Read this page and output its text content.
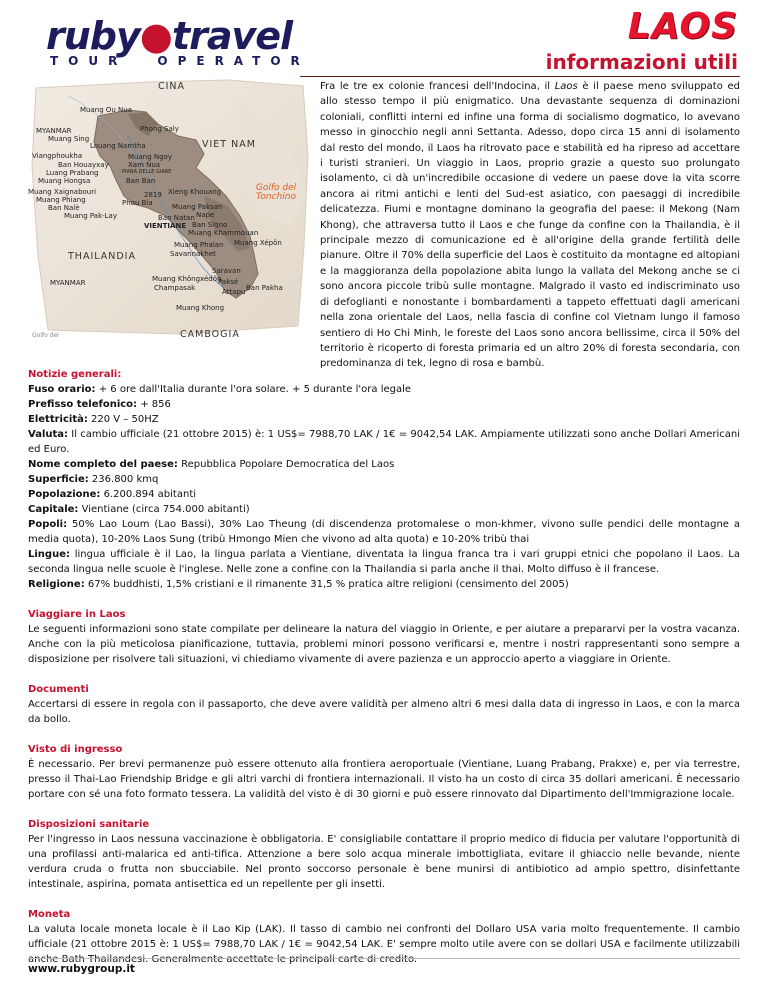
ruby●travel
TOUR	OPERATOR
LAOS
informazioni utili
CINA
Muang Ou Nua
MYANMAR
Muang Sing
Phong Saly
Louang Namtha	VIET NAM
Viangphoukha	Muang Ngoy
Ban Houayxay	Xam Nua
Luang Prabang	PIANA DELLE GIARE
Muang Hongsa	Ban Ban
Muang Xaignabouri
Muang Phiang
2819 Xieng Khouang	Golfo del Tonchino
Ban Nalè
Phou Bia	Muang Paksan
Muang Pak-Lay	Ban Natan Nape
VIENTIANE Ban Signo
Muang Khammouan
Muang Phalan Muang Xépôn
THAILANDIA	Savannakhet
Saravan
MYANMAR	Muang Khôngxédôn
Paksé
Champasak	Ban Pakha
Attapu
Muang Khong
CAMBOGIA
Golfo del
Fra le tre ex colonie francesi dell'Indocina, il Laos è il paese meno sviluppato ed allo stesso tempo il più enigmatico. Una devastante sequenza di dominazioni coloniali, conflitti interni ed infine una forma di socialismo dogmatico, lo avevano messo in ginocchio negli anni Settanta. Adesso, dopo circa 15 anni di isolamento dal resto del mondo, il Laos ha ritrovato pace e stabilità ed ha ripreso ad accettare i turisti stranieri. Un viaggio in Laos, proprio grazie a questo suo prolungato isolamento, ci dà un'incredibile occasione di vedere un paese dove la vita scorre ancora ai ritmi antichi e lenti del Sud-est asiatico, con paesaggi di incredibile delicatezza. Fiumi e montagne dominano la geografia del paese: il Mekong (Nam Khong), che attraversa tutto il Laos e che funge da confine con la Thailandia, è il principale mezzo di comunicazione ed è all'origine della grande fertilità delle pianure. Oltre il 70% della superficie del Laos è costituito da montagne ed altopiani e la maggioranza della popolazione abita lungo la vallata del Mekong anche se ci sono ancora piccole tribù sulle montagne. Malgrado il vasto ed indiscriminato uso di defoglianti e nonostante i bombardamenti a tappeto effettuati dagli americani nella zona orientale del Laos, nella fascia di confine col Vietnam lungo il famoso sentiero di Ho Chi Minh, le foreste del Laos sono ancora bellissime, circa il 50% del territorio è ricoperto di foresta primaria ed un altro 20% di foresta secondaria, con predominanza di tek, legno di rosa e bambù.
Notizie generali:
Fuso orario: + 6 ore dall'Italia durante l'ora solare. + 5 durante l'ora legale
Prefisso telefonico: + 856
Elettricità: 220 V – 50HZ
Valuta: Il cambio ufficiale (21 ottobre 2015) è: 1 US$= 7988,70 LAK / 1€ = 9042,54 LAK. Ampiamente utilizzati sono anche Dollari Americani ed Euro.
Nome completo del paese: Repubblica Popolare Democratica del Laos
Superficie: 236.800 kmq
Popolazione: 6.200.894 abitanti
Capitale: Vientiane (circa 754.000 abitanti)
Popoli: 50% Lao Loum (Lao Bassi), 30% Lao Theung (di discendenza protomalese o mon-khmer, vivono sulle pendici delle montagne a media quota), 10-20% Laos Sung (tribù Hmongo Mien che vivono ad alta quota) e 10-20% tribù thai
Lingue: lingua ufficiale è il Lao, la lingua parlata a Vientiane, diventata la lingua franca tra i vari gruppi etnici che popolano il Laos. La seconda lingua nelle scuole è l'inglese. Nelle zone a confine con la Thailandia si parla anche il thai. Molto diffuso è il francese.
Religione: 67% buddhisti, 1,5% cristiani e il rimanente 31,5 % pratica altre religioni (censimento del 2005)
Viaggiare in Laos
Le seguenti informazioni sono state compilate per delineare la natura del viaggio in Oriente, e per aiutare a prepararvi per la vostra vacanza. Anche con la più meticolosa pianificazione, tuttavia, problemi minori possono verificarsi e, mentre i nostri rappresentanti sono sempre a disposizione per risolvere tali situazioni, vi chiediamo vivamente di avere pazienza e un approccio aperto a viaggiare in Oriente.
Documenti
Accertarsi di essere in regola con il passaporto, che deve avere validità per almeno altri 6 mesi dalla data di ingresso in Laos, e con la marca da bollo.
Visto di ingresso
È necessario. Per brevi permanenze può essere ottenuto alla frontiera aeroportuale (Vientiane, Luang Prabang, Prakxe) e, per via terrestre, presso il Thai-Lao Friendship Bridge e gli altri varchi di frontiera internazionali. Il visto ha un costo di circa 35 dollari americani. È necessario portare con sé una foto formato tessera. La validità del visto è di 30 giorni e può essere rinnovato dal Dipartimento dell'Immigrazione locale.
Disposizioni sanitarie
Per l'ingresso in Laos nessuna vaccinazione è obbligatoria. E' consigliabile contattare il proprio medico di fiducia per valutare l'opportunità di una profilassi anti-malarica ed anti-tifica. Attenzione a bere solo acqua minerale imbottigliata, evitare il ghiaccio nelle bevande, niente verdura cruda o frutta non sbucciabile. Nel pronto soccorso personale è bene munirsi di antibiotico ad ampio spettro, disinfettante intestinale, aspirina, pomata antisettica ed un repellente per gli insetti.
Moneta
La valuta locale moneta locale è il Lao Kip (LAK). Il tasso di cambio nei confronti del Dollaro USA varia molto frequentemente. Il cambio ufficiale (21 ottobre 2015 è: 1 US$= 7988,70 LAK / 1€ = 9042,54 LAK. E' sempre molto utile avere con se dollari USA e facilmente utilizzabili anche Bath Thailandesi. Generalmente accettate le principali carte di credito.
www.rubygroup.it
